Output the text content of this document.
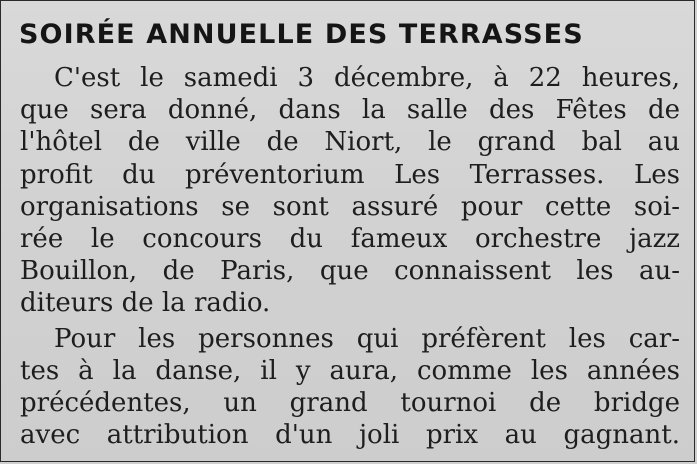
SOIRÉE ANNUELLE DES TERRASSES
C'est le samedi 3 décembre, à 22 heures,
que sera donné, dans la salle des Fêtes de
l'hôtel de ville de Niort, le grand bal au
profit du préventorium Les Terrasses. Les
organisations se sont assuré pour cette soi-
rée le concours du fameux orchestre jazz
Bouillon, de Paris, que connaissent les au-
diteurs de la radio.
Pour les personnes qui préfèrent les car-
tes à la danse, il y aura, comme les années
précédentes, un grand tournoi de bridge
avec attribution d'un joli prix au gagnant.
